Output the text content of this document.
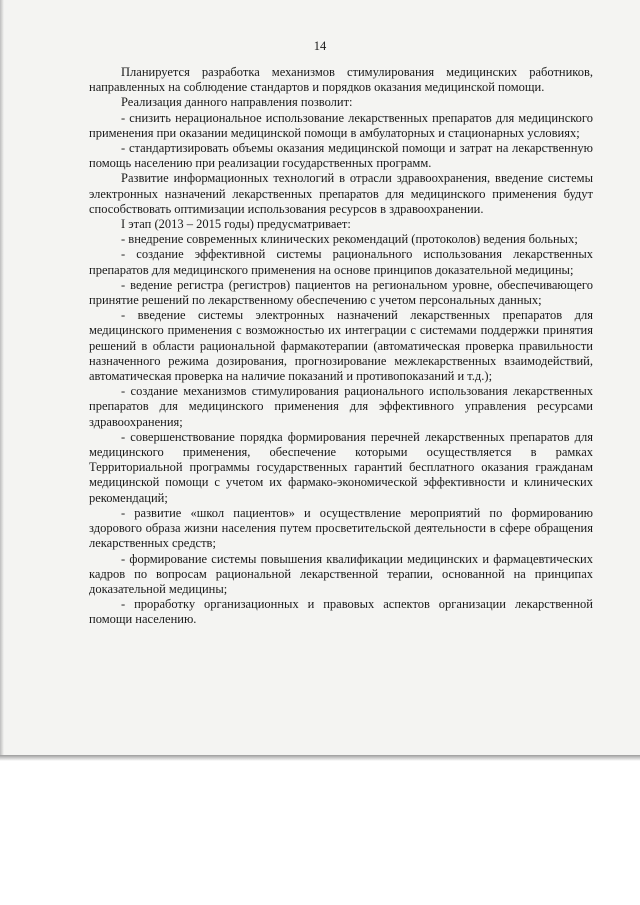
14

Планируется разработка механизмов стимулирования медицинских работников, направленных на соблюдение стандартов и порядков оказания медицинской помощи.

Реализация данного направления позволит:

- снизить нерациональное использование лекарственных препаратов для медицинского применения при оказании медицинской помощи в амбулаторных и стационарных условиях;

- стандартизировать объемы оказания медицинской помощи и затрат на лекарственную помощь населению при реализации государственных программ.

Развитие информационных технологий в отрасли здравоохранения, введение системы электронных назначений лекарственных препаратов для медицинского применения будут способствовать оптимизации использования ресурсов в здравоохранении.

I этап (2013 – 2015 годы) предусматривает:

- внедрение современных клинических рекомендаций (протоколов) ведения больных;

- создание эффективной системы рационального использования лекарственных препаратов для медицинского применения на основе принципов доказательной медицины;

- ведение регистра (регистров) пациентов на региональном уровне, обеспечивающего принятие решений по лекарственному обеспечению с учетом персональных данных;

- введение системы электронных назначений лекарственных препаратов для медицинского применения с возможностью их интеграции с системами поддержки принятия решений в области рациональной фармакотерапии (автоматическая проверка правильности назначенного режима дозирования, прогнозирование межлекарственных взаимодействий, автоматическая проверка на наличие показаний и противопоказаний и т.д.);

- создание механизмов стимулирования рационального использования лекарственных препаратов для медицинского применения для эффективного управления ресурсами здравоохранения;

- совершенствование порядка формирования перечней лекарственных препаратов для медицинского применения, обеспечение которыми осуществляется в рамках Территориальной программы государственных гарантий бесплатного оказания гражданам медицинской помощи с учетом их фармако-экономической эффективности и клинических рекомендаций;

- развитие «школ пациентов» и осуществление мероприятий по формированию здорового образа жизни населения путем просветительской деятельности в сфере обращения лекарственных средств;

- формирование системы повышения квалификации медицинских и фармацевтических кадров по вопросам рациональной лекарственной терапии, основанной на принципах доказательной медицины;

- проработку организационных и правовых аспектов организации лекарственной помощи населению.
